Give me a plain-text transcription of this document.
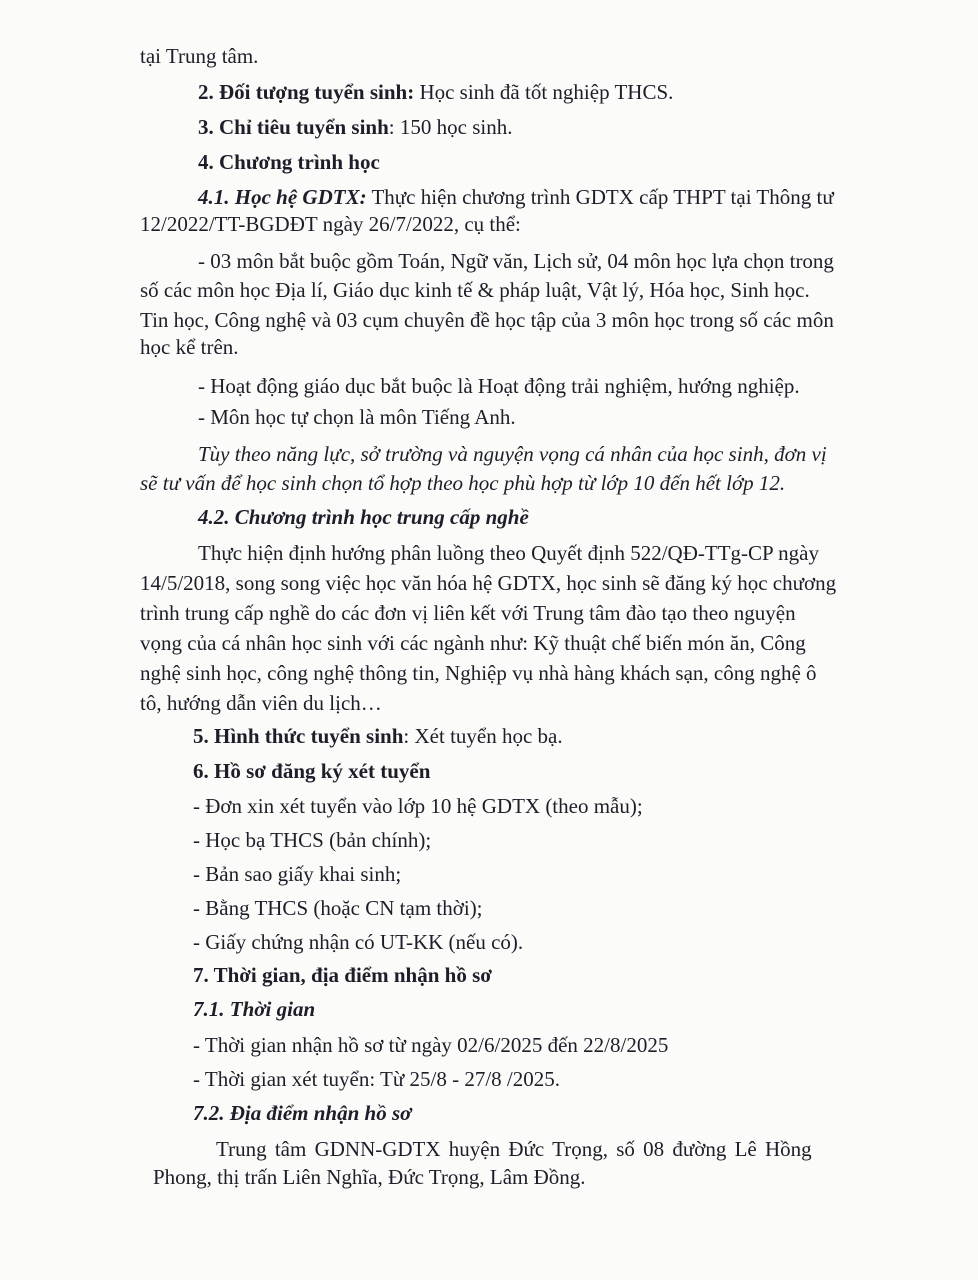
tại Trung tâm.
2. Đối tượng tuyển sinh: Học sinh đã tốt nghiệp THCS.
3. Chỉ tiêu tuyển sinh: 150 học sinh.
4. Chương trình học
4.1. Học hệ GDTX: Thực hiện chương trình GDTX cấp THPT tại Thông tư
12/2022/TT-BGDĐT ngày 26/7/2022, cụ thể:
- 03 môn bắt buộc gồm Toán, Ngữ văn, Lịch sử, 04 môn học lựa chọn trong
số các môn học Địa lí, Giáo dục kinh tế & pháp luật, Vật lý, Hóa học, Sinh học.
Tin học, Công nghệ và 03 cụm chuyên đề học tập của 3 môn học trong số các môn
học kể trên.
- Hoạt động giáo dục bắt buộc là Hoạt động trải nghiệm, hướng nghiệp.
- Môn học tự chọn là môn Tiếng Anh.
Tùy theo năng lực, sở trường và nguyện vọng cá nhân của học sinh, đơn vị
sẽ tư vấn để học sinh chọn tổ hợp theo học phù hợp từ lớp 10 đến hết lớp 12.
4.2. Chương trình học trung cấp nghề
Thực hiện định hướng phân luồng theo Quyết định 522/QĐ-TTg-CP ngày
14/5/2018, song song việc học văn hóa hệ GDTX, học sinh sẽ đăng ký học chương
trình trung cấp nghề do các đơn vị liên kết với Trung tâm đào tạo theo nguyện
vọng của cá nhân học sinh với các ngành như: Kỹ thuật chế biến món ăn, Công
nghệ sinh học, công nghệ thông tin, Nghiệp vụ nhà hàng khách sạn, công nghệ ô
tô, hướng dẫn viên du lịch…
5. Hình thức tuyển sinh: Xét tuyển học bạ.
6. Hồ sơ đăng ký xét tuyển
- Đơn xin xét tuyển vào lớp 10 hệ GDTX (theo mẫu);
- Học bạ THCS (bản chính);
- Bản sao giấy khai sinh;
- Bằng THCS (hoặc CN tạm thời);
- Giấy chứng nhận có UT-KK (nếu có).
7. Thời gian, địa điểm nhận hồ sơ
7.1. Thời gian
- Thời gian nhận hồ sơ từ ngày 02/6/2025 đến 22/8/2025
- Thời gian xét tuyển: Từ 25/8 - 27/8 /2025.
7.2. Địa điểm nhận hồ sơ
Trung tâm GDNN-GDTX huyện Đức Trọng, số 08 đường Lê Hồng
Phong, thị trấn Liên Nghĩa, Đức Trọng, Lâm Đồng.
